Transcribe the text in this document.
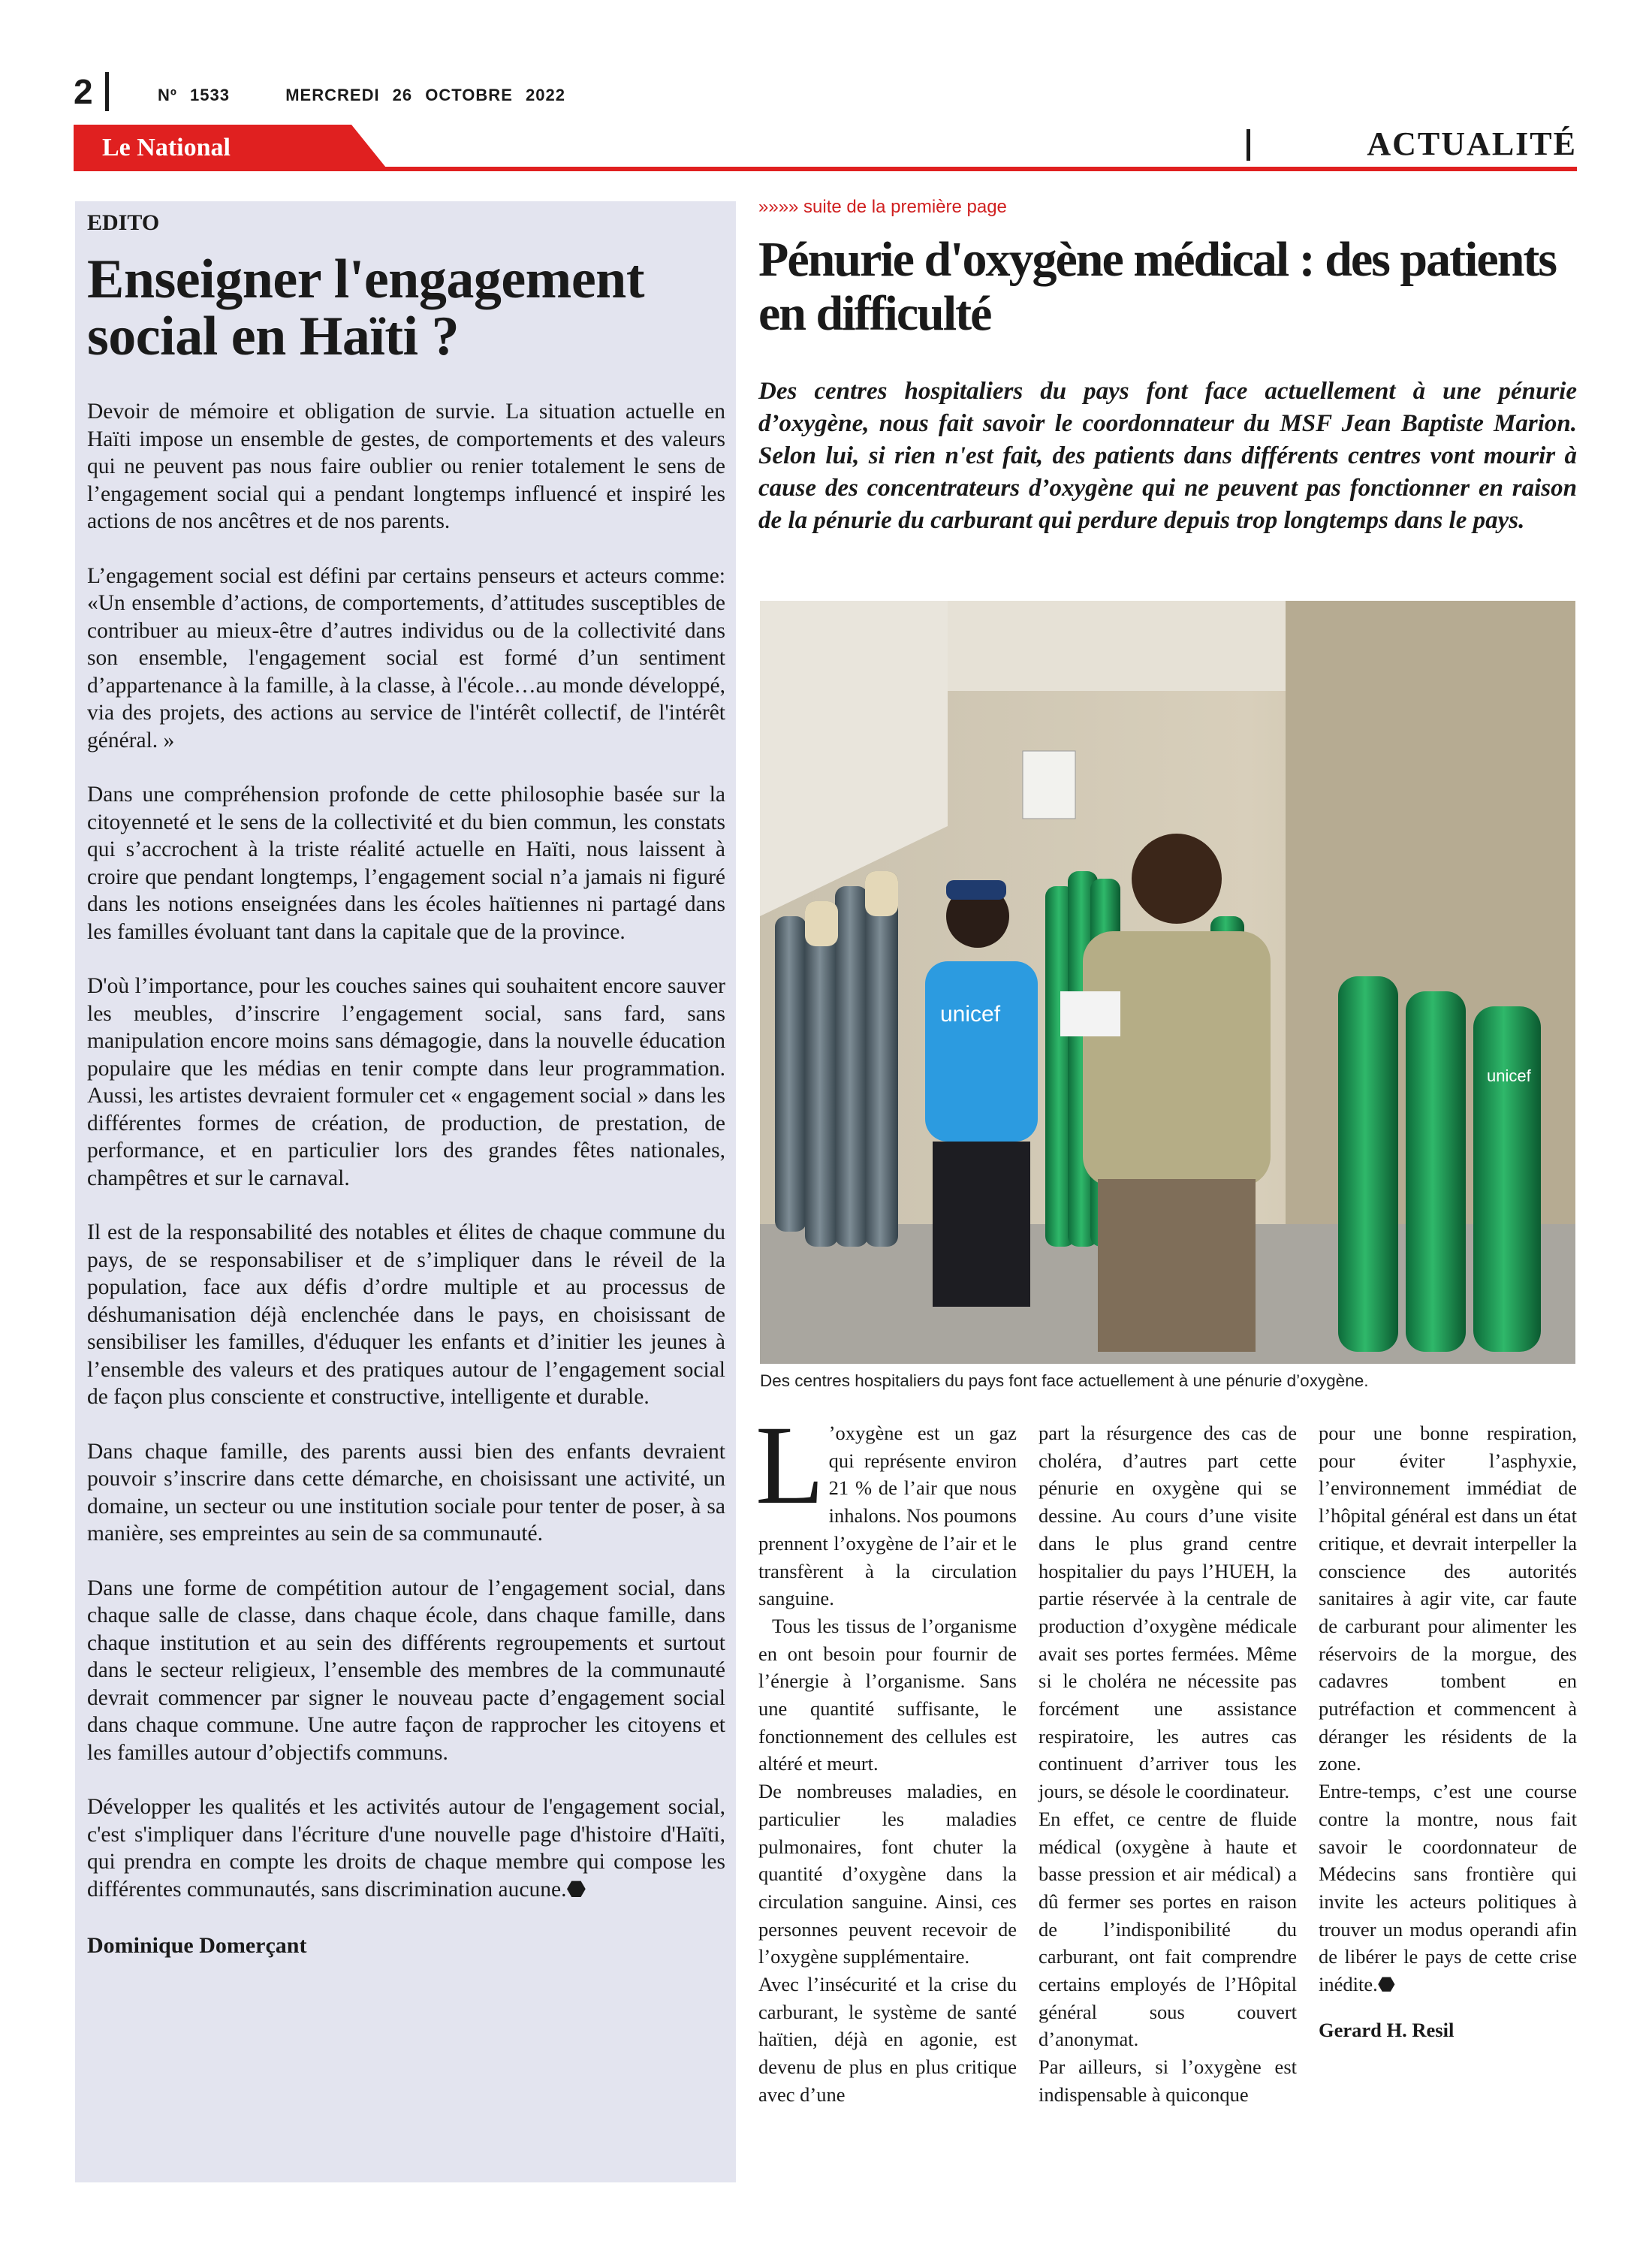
2	Nº 1533	MERCREDI 26 OCTOBRE 2022
Le National	ACTUALITÉ

EDITO

Enseigner l'engagement social en Haïti ?

Devoir de mémoire et obligation de survie. La situation actuelle en Haïti impose un ensemble de gestes, de comportements et des valeurs qui ne peuvent pas nous faire oublier ou renier totalement le sens de l’engagement social qui a pendant longtemps influencé et inspiré les actions de nos ancêtres et de nos parents.

L’engagement social est défini par certains penseurs et acteurs comme: «Un ensemble d’actions, de comportements, d’attitudes susceptibles de contribuer au mieux-être d’autres individus ou de la collectivité dans son ensemble, l'engagement social est formé d’un sentiment d’appartenance à la famille, à la classe, à l'école…au monde développé, via des projets, des actions au service de l'intérêt collectif, de l'intérêt général. »

Dans une compréhension profonde de cette philosophie basée sur la citoyenneté et le sens de la collectivité et du bien commun, les constats qui s’accrochent à la triste réalité actuelle en Haïti, nous laissent à croire que pendant longtemps, l’engagement social n’a jamais ni figuré dans les notions enseignées dans les écoles haïtiennes ni partagé dans les familles évoluant tant dans la capitale que de la province.

D'où l’importance, pour les couches saines qui souhaitent encore sauver les meubles, d’inscrire l’engagement social, sans fard, sans manipulation encore moins sans démagogie, dans la nouvelle éducation populaire que les médias en tenir compte dans leur programmation. Aussi, les artistes devraient formuler cet « engagement social » dans les différentes formes de création, de production, de prestation, de performance, et en particulier lors des grandes fêtes nationales, champêtres et sur le carnaval.

Il est de la responsabilité des notables et élites de chaque commune du pays, de se responsabiliser et de s’impliquer dans le réveil de la population, face aux défis d’ordre multiple et au processus de déshumanisation déjà enclenchée dans le pays, en choisissant de sensibiliser les familles, d'éduquer les enfants et d’initier les jeunes à l’ensemble des valeurs et des pratiques autour de l’engagement social de façon plus consciente et constructive, intelligente et durable.

Dans chaque famille, des parents aussi bien des enfants devraient pouvoir s’inscrire dans cette démarche, en choisissant une activité, un domaine, un secteur ou une institution sociale pour tenter de poser, à sa manière, ses empreintes au sein de sa communauté.

Dans une forme de compétition autour de l’engagement social, dans chaque salle de classe, dans chaque école, dans chaque famille, dans chaque institution et au sein des différents regroupements et surtout dans le secteur religieux, l’ensemble des membres de la communauté devrait commencer par signer le nouveau pacte d’engagement social dans chaque commune. Une autre façon de rapprocher les citoyens et les familles autour d’objectifs communs.

Développer les qualités et les activités autour de l'engagement social, c'est s'impliquer dans l'écriture d'une nouvelle page d'histoire d'Haïti, qui prendra en compte les droits de chaque membre qui compose les différentes communautés, sans discrimination aucune.⬣

Dominique Domerçant
»»»» suite de la première page
Pénurie d'oxygène médical : des patients en difficulté

Des centres hospitaliers du pays font face actuellement à une pénurie d’oxygène, nous fait savoir le coordonnateur du MSF Jean Baptiste Marion. Selon lui, si rien n'est fait, des patients dans différents centres vont mourir à cause des concentrateurs d’oxygène qui ne peuvent pas fonctionner en raison de la pénurie du carburant qui perdure depuis trop longtemps dans le pays.

unicef
unicef
Des centres hospitaliers du pays font face actuellement à une pénurie d’oxygène.

L ’oxygène est un gaz qui représente environ 21 % de l’air que nous inhalons. Nos poumons prennent l’oxygène de l’air et le transfèrent à la circulation sanguine.

Tous les tissus de l’organisme en ont besoin pour fournir de l’énergie à l’organisme. Sans une quantité suffisante, le fonctionnement des cellules est altéré et meurt.

De nombreuses maladies, en particulier les maladies pulmonaires, font chuter la quantité d’oxygène dans la circulation sanguine. Ainsi, ces personnes peuvent recevoir de l’oxygène supplémentaire.

Avec l’insécurité et la crise du carburant, le système de santé haïtien, déjà en agonie, est devenu de plus en plus critique avec d’une

part la résurgence des cas de choléra, d’autres part cette pénurie en oxygène qui se dessine. Au cours d’une visite dans le plus grand centre hospitalier du pays l’HUEH, la partie réservée à la centrale de production d’oxygène médicale avait ses portes fermées. Même si le choléra ne nécessite pas forcément une assistance respiratoire, les autres cas continuent d’arriver tous les jours, se désole le coordinateur.

En effet, ce centre de fluide médical (oxygène à haute et basse pression et air médical) a dû fermer ses portes en raison de l’indisponibilité du carburant, ont fait comprendre certains employés de l’Hôpital général sous couvert d’anonymat.

Par ailleurs, si l’oxygène est indispensable à quiconque

pour une bonne respiration, pour éviter l’asphyxie, l’environnement immédiat de l’hôpital général est dans un état critique, et devrait interpeller la conscience des autorités sanitaires à agir vite, car faute de carburant pour alimenter les réservoirs de la morgue, des cadavres tombent en putréfaction et commencent à déranger les résidents de la zone.

Entre-temps, c’est une course contre la montre, nous fait savoir le coordonnateur de Médecins sans frontière qui invite les acteurs politiques à trouver un modus operandi afin de libérer le pays de cette crise inédite.⬣

Gerard H. Resil
